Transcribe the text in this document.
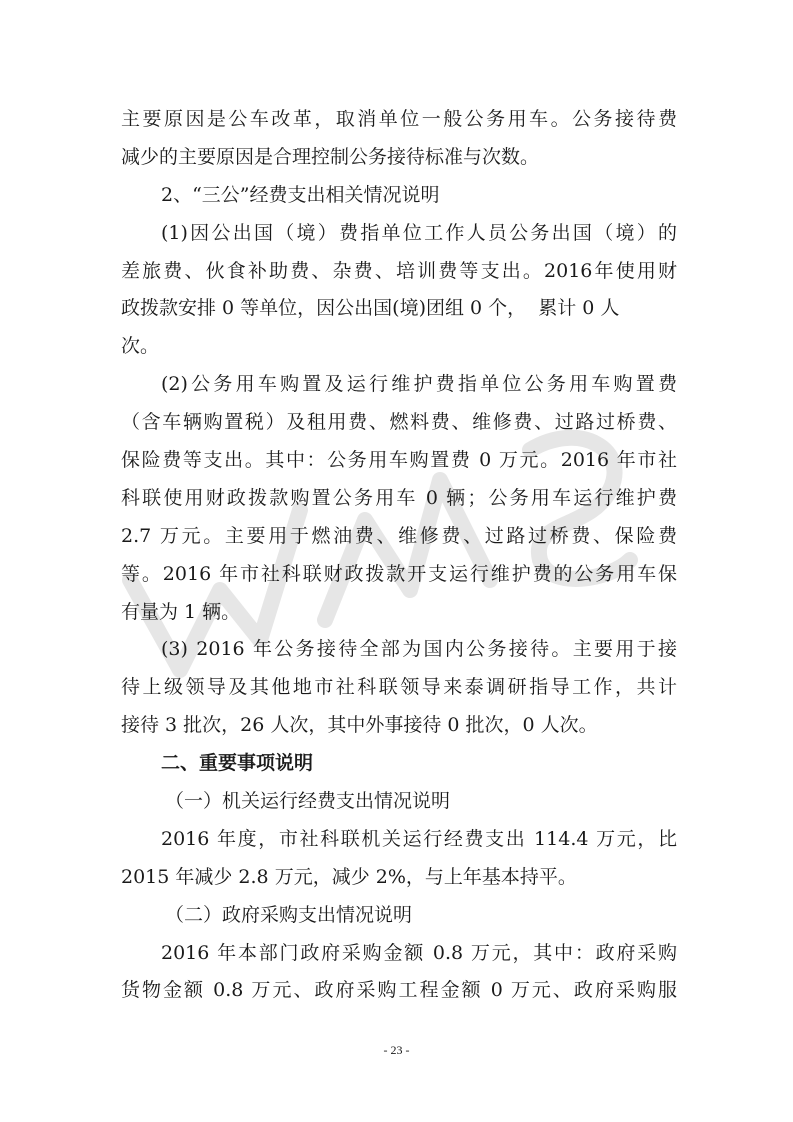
主要原因是公车改革，取消单位一般公务用车。公务接待费
减少的主要原因是合理控制公务接待标准与次数。
2、“三公”经费支出相关情况说明
(1)因公出国（境）费指单位工作人员公务出国（境）的
差旅费、伙食补助费、杂费、培训费等支出。2016年使用财
政拨款安排 0 等单位，因公出国(境)团组 0 个，  累计 0 人
次。
(2)公务用车购置及运行维护费指单位公务用车购置费
（含车辆购置税）及租用费、燃料费、维修费、过路过桥费、
保险费等支出。其中：公务用车购置费 0 万元。2016 年市社
科联使用财政拨款购置公务用车 0 辆；公务用车运行维护费
2.7 万元。主要用于燃油费、维修费、过路过桥费、保险费
等。2016 年市社科联财政拨款开支运行维护费的公务用车保
有量为 1 辆。
(3) 2016 年公务接待全部为国内公务接待。主要用于接
待上级领导及其他地市社科联领导来泰调研指导工作，共计
接待 3 批次，26 人次，其中外事接待 0 批次，0 人次。
二、重要事项说明
（一）机关运行经费支出情况说明
2016 年度，市社科联机关运行经费支出 114.4 万元，比
2015 年减少 2.8 万元，减少 2%，与上年基本持平。
（二）政府采购支出情况说明
2016 年本部门政府采购金额 0.8 万元，其中：政府采购
货物金额 0.8 万元、政府采购工程金额 0 万元、政府采购服
- 23 -
